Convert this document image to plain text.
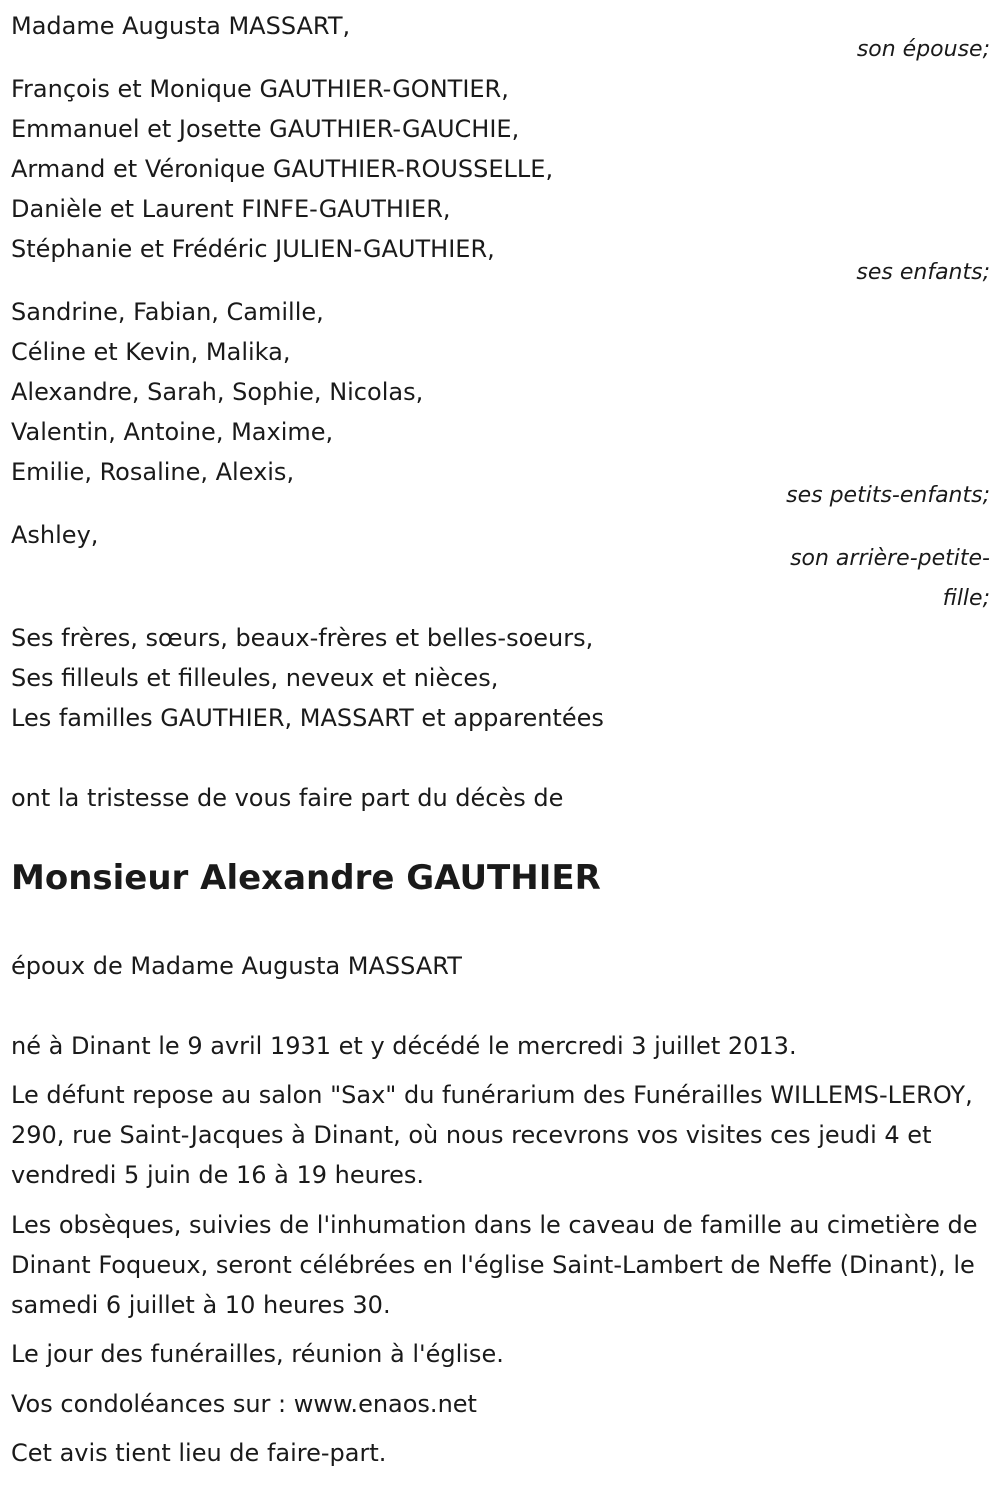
Madame Augusta MASSART,
son épouse;
François et Monique GAUTHIER-GONTIER,
Emmanuel et Josette GAUTHIER-GAUCHIE,
Armand et Véronique GAUTHIER-ROUSSELLE,
Danièle et Laurent FINFE-GAUTHIER,
Stéphanie et Frédéric JULIEN-GAUTHIER,
ses enfants;
Sandrine, Fabian, Camille,
Céline et Kevin, Malika,
Alexandre, Sarah, Sophie, Nicolas,
Valentin, Antoine, Maxime,
Emilie, Rosaline, Alexis,
ses petits-enfants;
Ashley,
son arrière-petite-
fille;
Ses frères, sœurs, beaux-frères et belles-soeurs,
Ses filleuls et filleules, neveux et nièces,
Les familles GAUTHIER, MASSART et apparentées
ont la tristesse de vous faire part du décès de
Monsieur Alexandre GAUTHIER
époux de Madame Augusta MASSART
né à Dinant le 9 avril 1931 et y décédé le mercredi 3 juillet 2013.
Le défunt repose au salon "Sax" du funérarium des Funérailles WILLEMS-LEROY, 290, rue Saint-Jacques à Dinant, où nous recevrons vos visites ces jeudi 4 et vendredi 5 juin de 16 à 19 heures.
Les obsèques, suivies de l'inhumation dans le caveau de famille au cimetière de Dinant Foqueux, seront célébrées en l'église Saint-Lambert de Neffe (Dinant), le samedi 6 juillet à 10 heures 30.
Le jour des funérailles, réunion à l'église.
Vos condoléances sur : www.enaos.net
Cet avis tient lieu de faire-part.
